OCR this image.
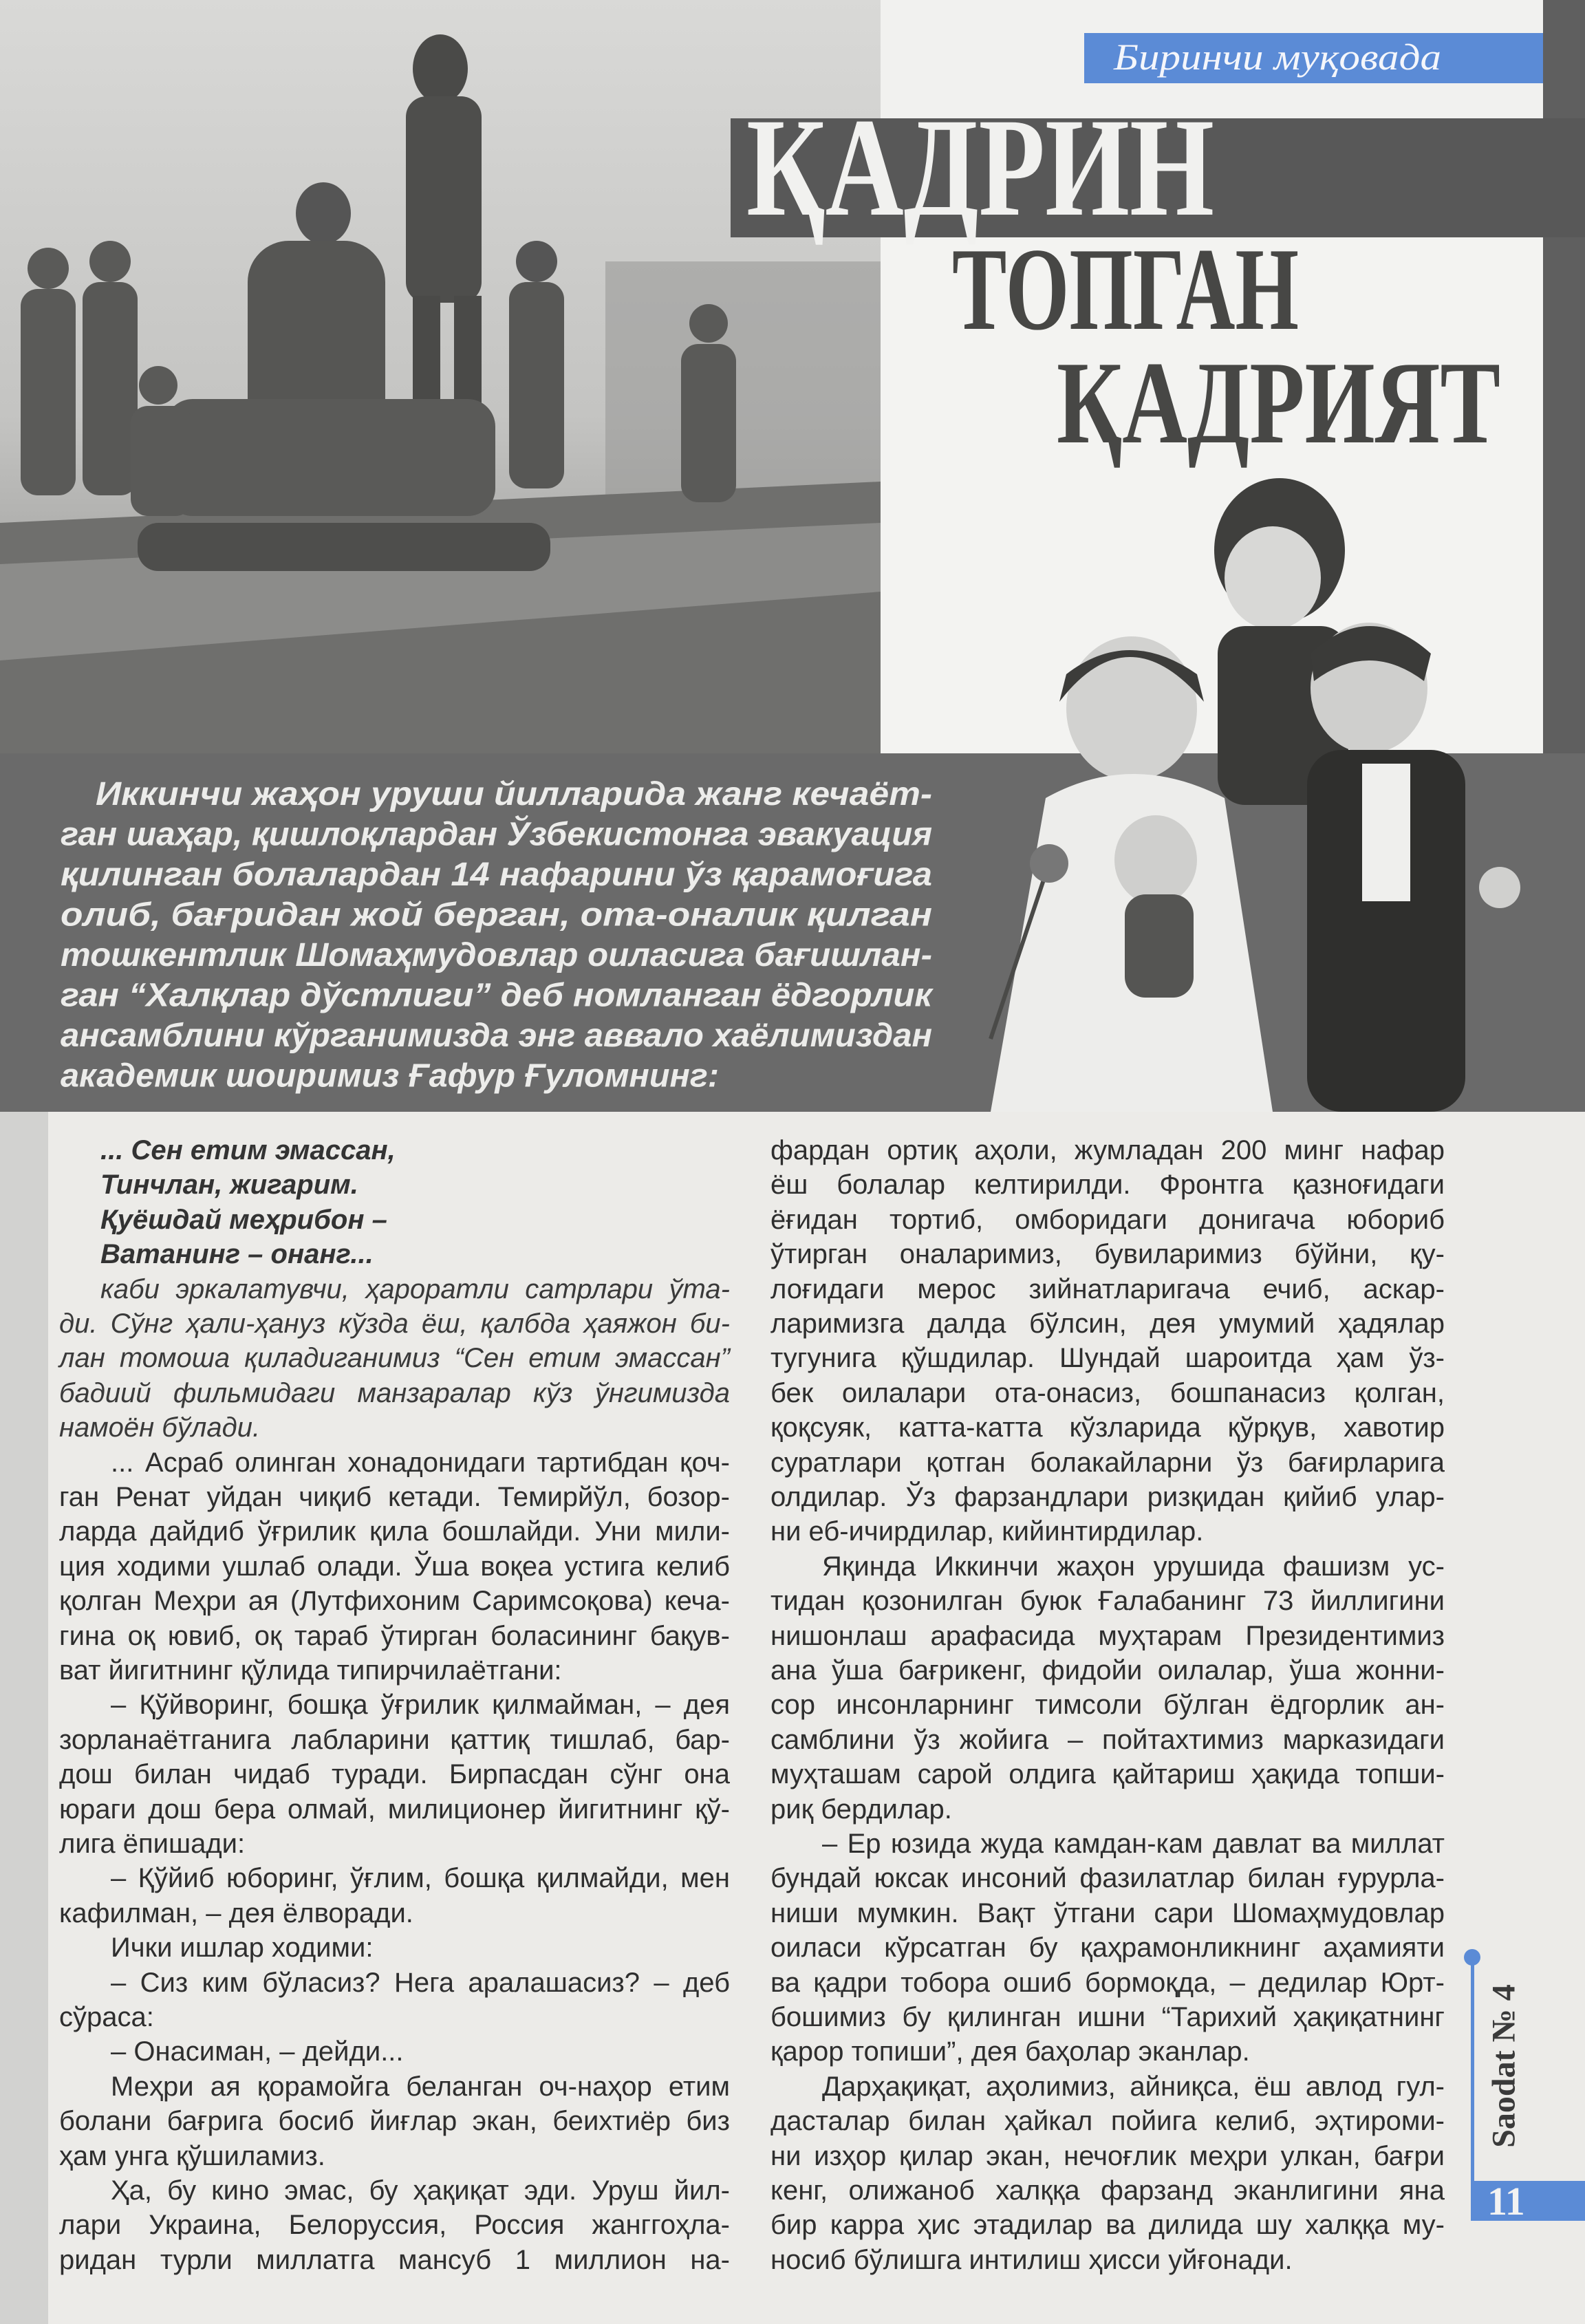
Биринчи муқовада
ҚАДРИН
ТОПГАН
ҚАДРИЯТ
Иккинчи жаҳон уруши йилларида жанг кечаёт-
ган шаҳар, қишлоқлардан Ўзбекистонга эвакуация
қилинган болалардан 14 нафарини ўз қарамоғига
олиб, бағридан жой берган, ота-оналик қилган
тошкентлик Шомаҳмудовлар оиласига бағишлан-
ган “Халқлар дўстлиги” деб номланган ёдгорлик
ансамблини кўрганимизда энг аввало хаёлимиздан
академик шоиримиз Ғафур Ғуломнинг:
... Сен етим эмассан,
Тинчлан, жигарим.
Қуёшдай меҳрибон –
Ватанинг – онанг...
каби эркалатувчи, ҳароратли сатрлари ўта-
ди. Сўнг ҳали-ҳануз кўзда ёш, қалбда ҳаяжон би-
лан томоша қиладиганимиз “Сен етим эмассан”
бадиий фильмидаги манзаралар кўз ўнгимизда
намоён бўлади.
... Асраб олинган хонадонидаги тартибдан қоч-
ган Ренат уйдан чиқиб кетади. Темирйўл, бозор-
ларда дайдиб ўғрилик қила бошлайди. Уни мили-
ция ходими ушлаб олади. Ўша воқеа устига келиб
қолган Меҳри ая (Лутфихоним Саримсоқова) кеча-
гина оқ ювиб, оқ тараб ўтирган боласининг бақув-
ват йигитнинг қўлида типирчилаётгани:
– Қўйворинг, бошқа ўғрилик қилмайман, – дея
зорланаётганига лабларини қаттиқ тишлаб, бар-
дош билан чидаб туради. Бирпасдан сўнг она
юраги дош бера олмай, милиционер йигитнинг қў-
лига ёпишади:
– Қўйиб юборинг, ўғлим, бошқа қилмайди, мен
кафилман, – дея ёлворади.
Ички ишлар ходими:
– Сиз ким бўласиз? Нега аралашасиз? – деб
сўраса:
– Онасиман, – дейди...
Меҳри ая қорамойга беланган оч-наҳор етим
болани бағрига босиб йиғлар экан, беихтиёр биз
ҳам унга қўшиламиз.
Ҳа, бу кино эмас, бу ҳақиқат эди. Уруш йил-
лари Украина, Белоруссия, Россия жанггоҳла-
ридан турли миллатга мансуб 1 миллион на-
фардан ортиқ аҳоли, жумладан 200 минг нафар
ёш болалар келтирилди. Фронтга қазноғидаги
ёғидан тортиб, омборидаги донигача юбориб
ўтирган оналаримиз, бувиларимиз бўйни, қу-
лоғидаги мерос зийнатларигача ечиб, аскар-
ларимизга далда бўлсин, дея умумий ҳадялар
тугунига қўшдилар. Шундай шароитда ҳам ўз-
бек оилалари ота-онасиз, бошпанасиз қолган,
қоқсуяк, катта-катта кўзларида қўрқув, хавотир
суратлари қотган болакайларни ўз бағирларига
олдилар. Ўз фарзандлари ризқидан қийиб улар-
ни еб-ичирдилар, кийинтирдилар.
Яқинда Иккинчи жаҳон урушида фашизм ус-
тидан қозонилган буюк Ғалабанинг 73 йиллигини
нишонлаш арафасида муҳтарам Президентимиз
ана ўша бағрикенг, фидойи оилалар, ўша жонни-
сор инсонларнинг тимсоли бўлган ёдгорлик ан-
самблини ўз жойига – пойтахтимиз марказидаги
муҳташам сарой олдига қайтариш ҳақида топши-
риқ бердилар.
– Ер юзида жуда камдан-кам давлат ва миллат
бундай юксак инсоний фазилатлар билан ғурурла-
ниши мумкин. Вақт ўтгани сари Шомаҳмудовлар
оиласи кўрсатган бу қаҳрамонликнинг аҳамияти
ва қадри тобора ошиб бормоқда, – дедилар Юрт-
бошимиз бу қилинган ишни “Тарихий ҳақиқатнинг
қарор топиши”, дея баҳолар эканлар.
Дарҳақиқат, аҳолимиз, айниқса, ёш авлод гул-
дасталар билан ҳайкал пойига келиб, эҳтироми-
ни изҳор қилар экан, нечоғлик меҳри улкан, бағри
кенг, олижаноб халққа фарзанд эканлигини яна
бир карра ҳис этадилар ва дилида шу халққа му-
носиб бўлишга интилиш ҳисси уйғонади.
Saodat № 4
11
